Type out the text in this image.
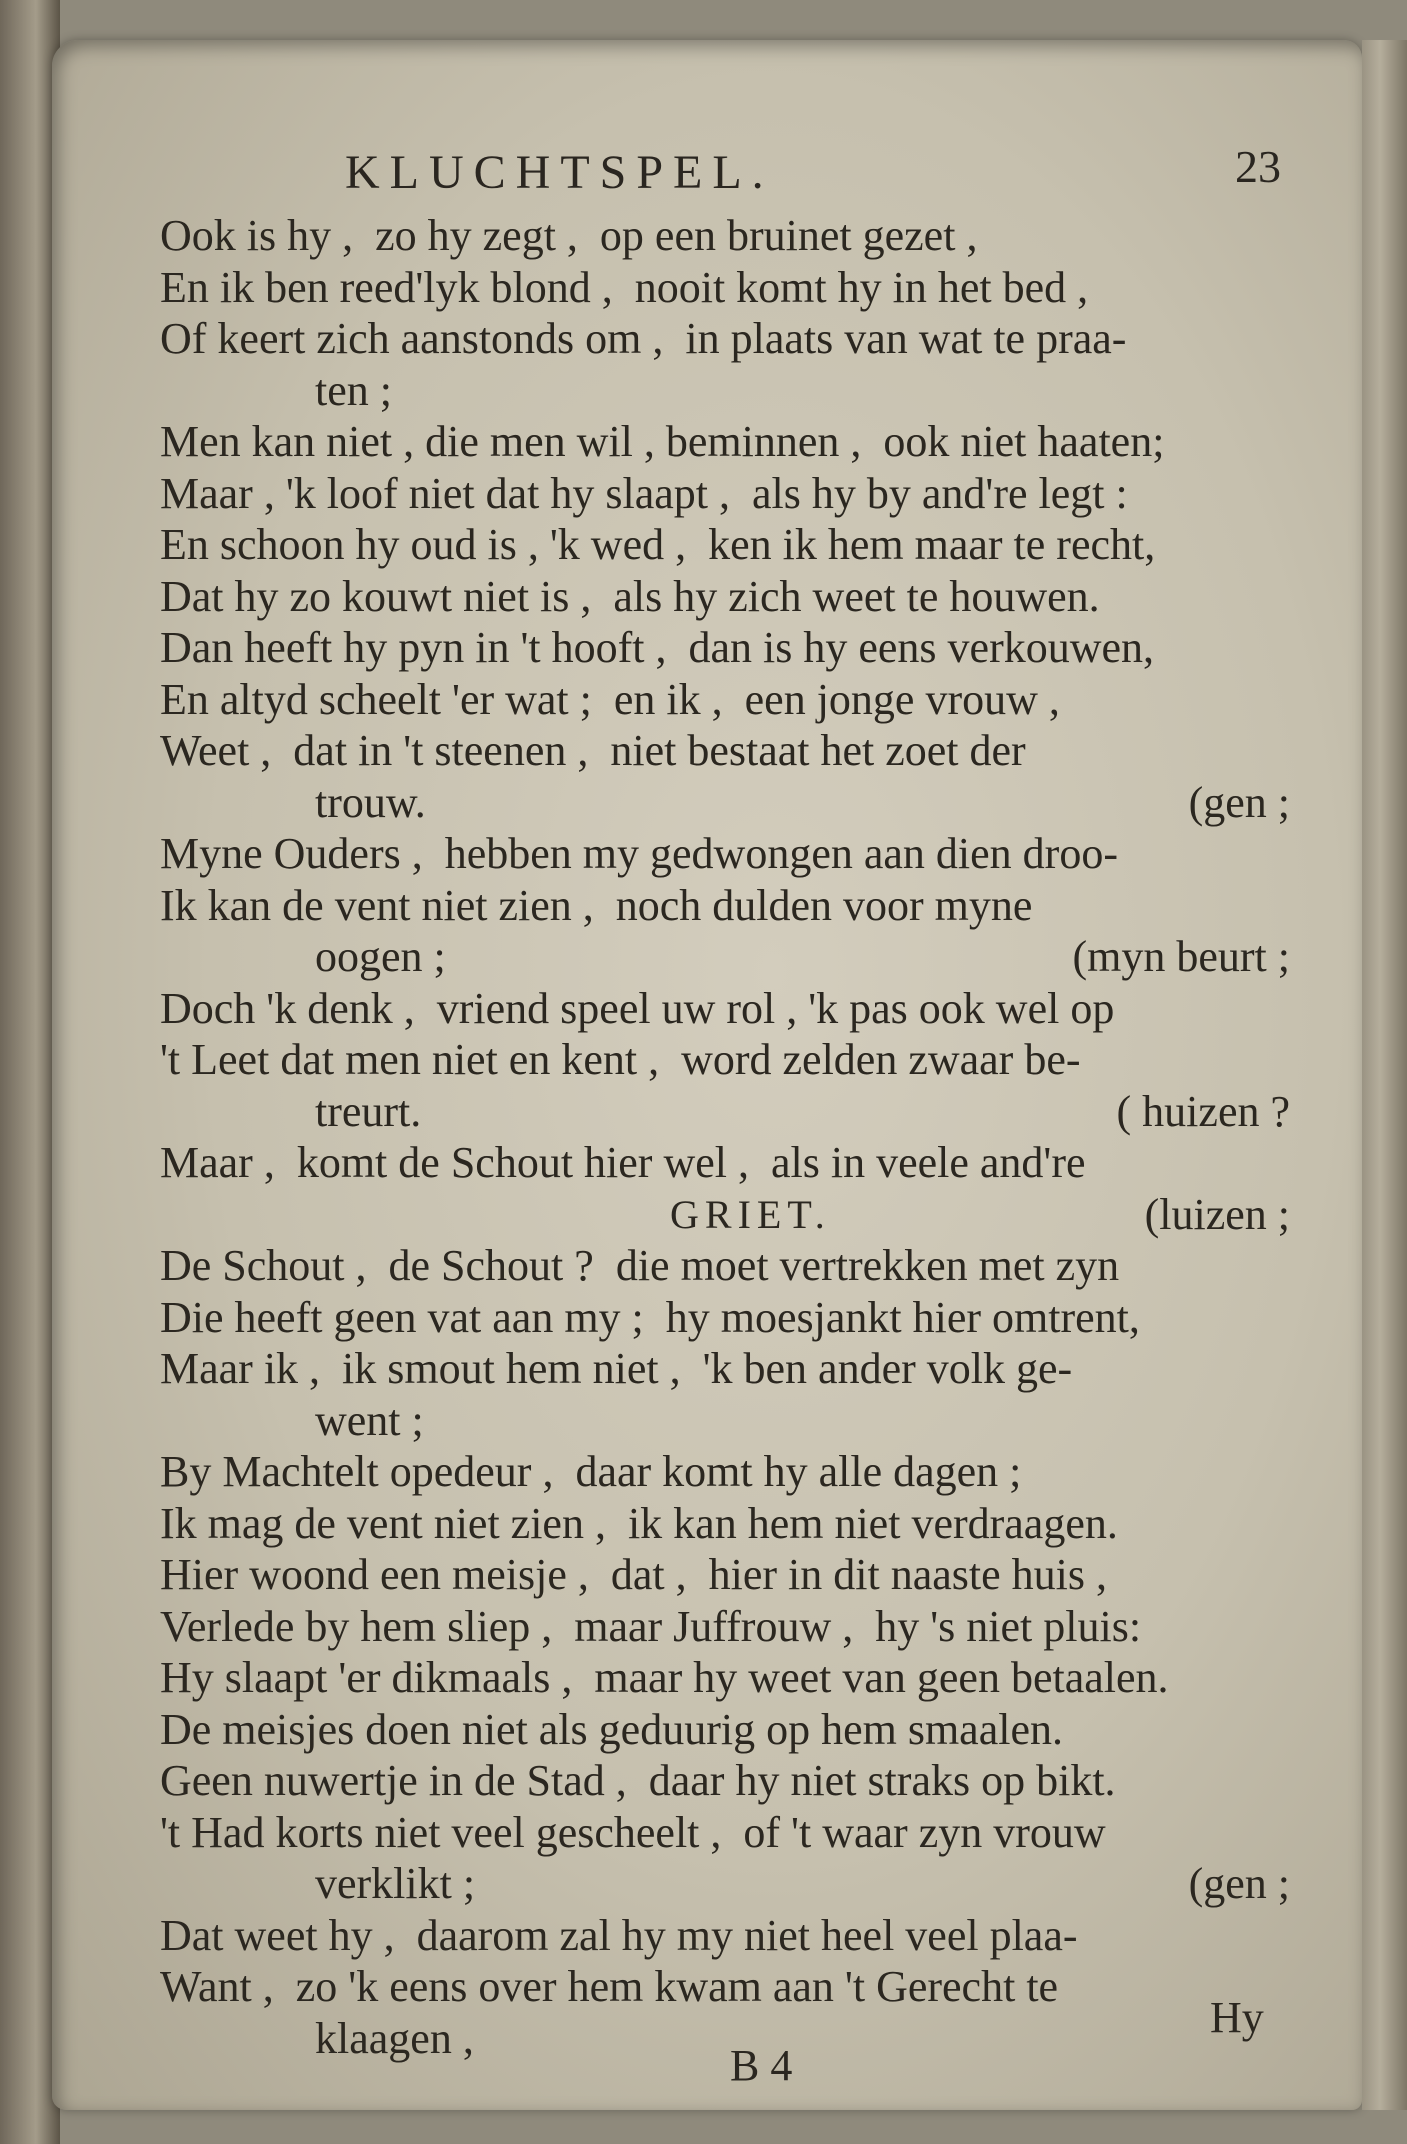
KLUCHTSPEL.	23
Ook is hy ,  zo hy zegt ,  op een bruinet gezet ,
En ik ben reed'lyk blond ,  nooit komt hy in het bed ,
Of keert zich aanstonds om ,  in plaats van wat te praa-
ten ;
Men kan niet , die men wil , beminnen ,  ook niet haaten;
Maar , 'k loof niet dat hy slaapt ,  als hy by and're legt :
En schoon hy oud is , 'k wed ,  ken ik hem maar te recht,
Dat hy zo kouwt niet is ,  als hy zich weet te houwen.
Dan heeft hy pyn in 't hooft ,  dan is hy eens verkouwen,
En altyd scheelt 'er wat ;  en ik ,  een jonge vrouw ,
Weet ,  dat in 't steenen ,  niet bestaat het zoet der
trouw.	(gen ;
Myne Ouders ,  hebben my gedwongen aan dien droo-
Ik kan de vent niet zien ,  noch dulden voor myne
oogen ;	(myn beurt ;
Doch 'k denk ,  vriend speel uw rol , 'k pas ook wel op
't Leet dat men niet en kent ,  word zelden zwaar be-
treurt.	( huizen ?
Maar ,  komt de Schout hier wel ,  als in veele and're
GRIET.	(luizen ;
De Schout ,  de Schout ?  die moet vertrekken met zyn
Die heeft geen vat aan my ;  hy moesjankt hier omtrent,
Maar ik ,  ik smout hem niet ,  'k ben ander volk ge-
went ;
By Machtelt opedeur ,  daar komt hy alle dagen ;
Ik mag de vent niet zien ,  ik kan hem niet verdraagen.
Hier woond een meisje ,  dat ,  hier in dit naaste huis ,
Verlede by hem sliep ,  maar Juffrouw ,  hy 's niet pluis:
Hy slaapt 'er dikmaals ,  maar hy weet van geen betaalen.
De meisjes doen niet als geduurig op hem smaalen.
Geen nuwertje in de Stad ,  daar hy niet straks op bikt.
't Had korts niet veel gescheelt ,  of 't waar zyn vrouw
verklikt ;	(gen ;
Dat weet hy ,  daarom zal hy my niet heel veel plaa-
Want ,  zo 'k eens over hem kwam aan 't Gerecht te
klaagen ,	Hy
B 4
